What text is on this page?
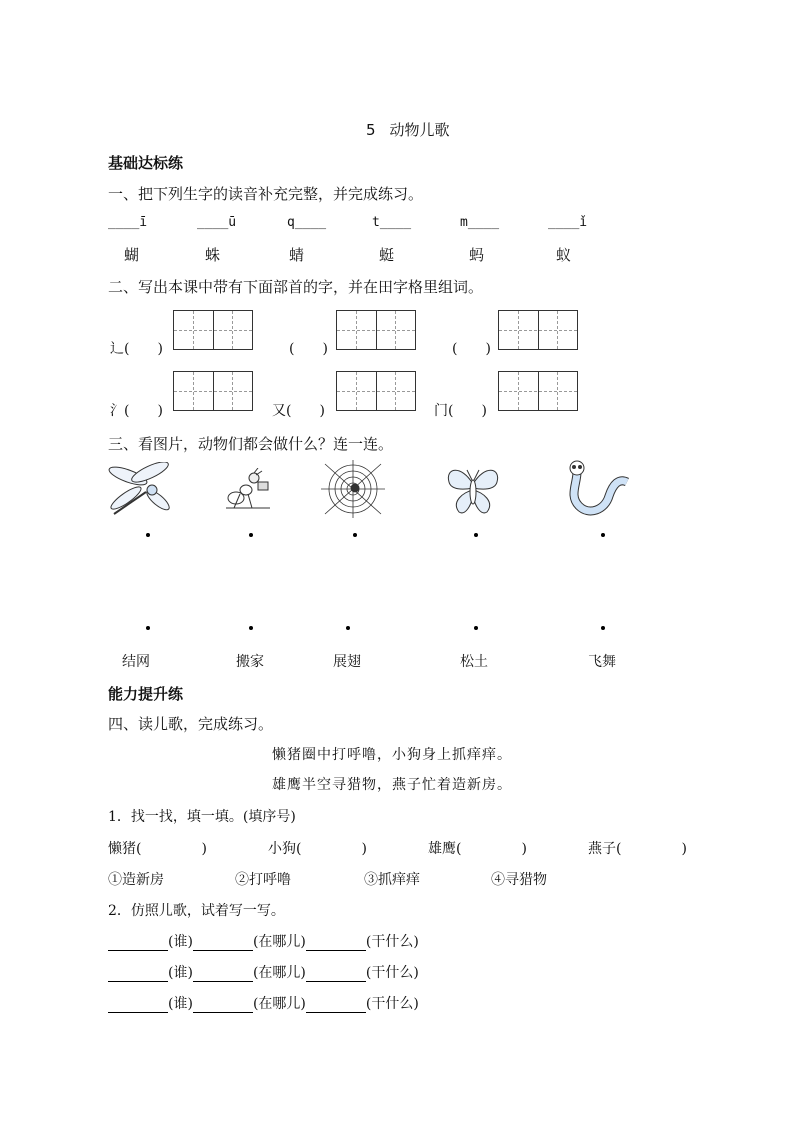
5 动物儿歌
基础达标练
一、把下列生字的读音补充完整，并完成练习。
____ī	____ū	q____	t____	m____	____ǐ
蝴	蛛	蜻	蜓	蚂	蚁
二、写出本课中带有下面部首的字，并在田字格里组词。
辶(　　)	(　　)	(　　)
氵(　　)	又(　　)	门(　　)
三、看图片，动物们都会做什么？连一连。
结网	搬家	展翅	松土	飞舞
能力提升练
四、读儿歌，完成练习。
懒猪圈中打呼噜，小狗身上抓痒痒。
雄鹰半空寻猎物，燕子忙着造新房。
1．找一找，填一填。(填序号)
懒猪(	)	小狗(	)	雄鹰(	)	燕子(	)
①造新房	②打呼噜	③抓痒痒	④寻猎物
2．仿照儿歌，试着写一写。
(谁)	(在哪儿)	(干什么)
(谁)	(在哪儿)	(干什么)
(谁)	(在哪儿)	(干什么)
